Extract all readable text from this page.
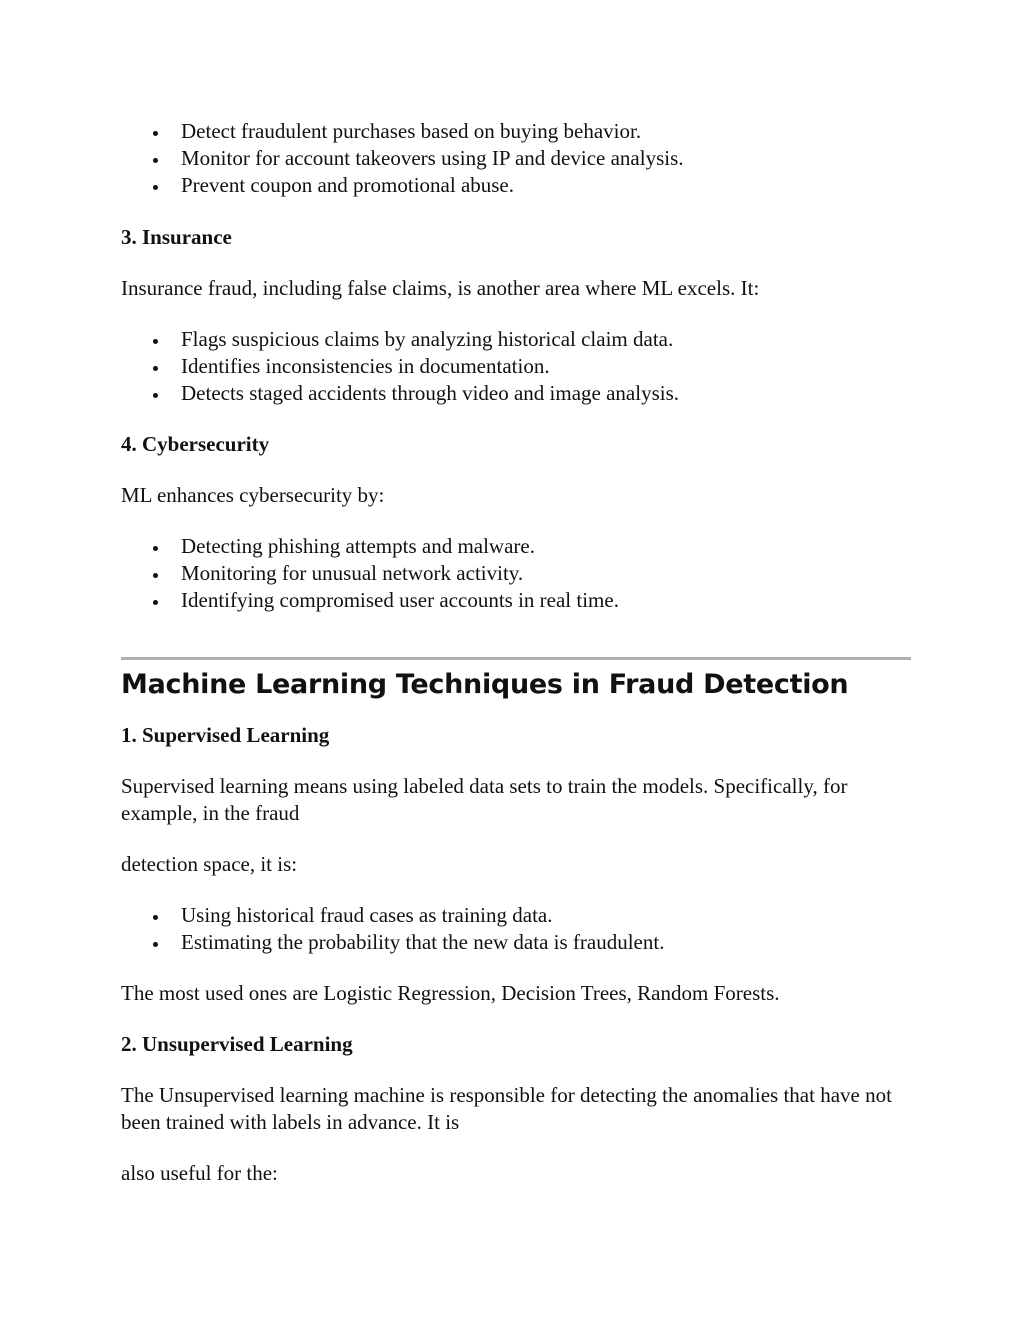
Detect fraudulent purchases based on buying behavior.
Monitor for account takeovers using IP and device analysis.
Prevent coupon and promotional abuse.
3. Insurance
Insurance fraud, including false claims, is another area where ML excels. It:
Flags suspicious claims by analyzing historical claim data.
Identifies inconsistencies in documentation.
Detects staged accidents through video and image analysis.
4. Cybersecurity
ML enhances cybersecurity by:
Detecting phishing attempts and malware.
Monitoring for unusual network activity.
Identifying compromised user accounts in real time.
Machine Learning Techniques in Fraud Detection
1. Supervised Learning
Supervised learning means using labeled data sets to train the models. Specifically, for example, in the fraud
detection space, it is:
Using historical fraud cases as training data.
Estimating the probability that the new data is fraudulent.
The most used ones are Logistic Regression, Decision Trees, Random Forests.
2. Unsupervised Learning
The Unsupervised learning machine is responsible for detecting the anomalies that have not been trained with labels in advance. It is
also useful for the:
